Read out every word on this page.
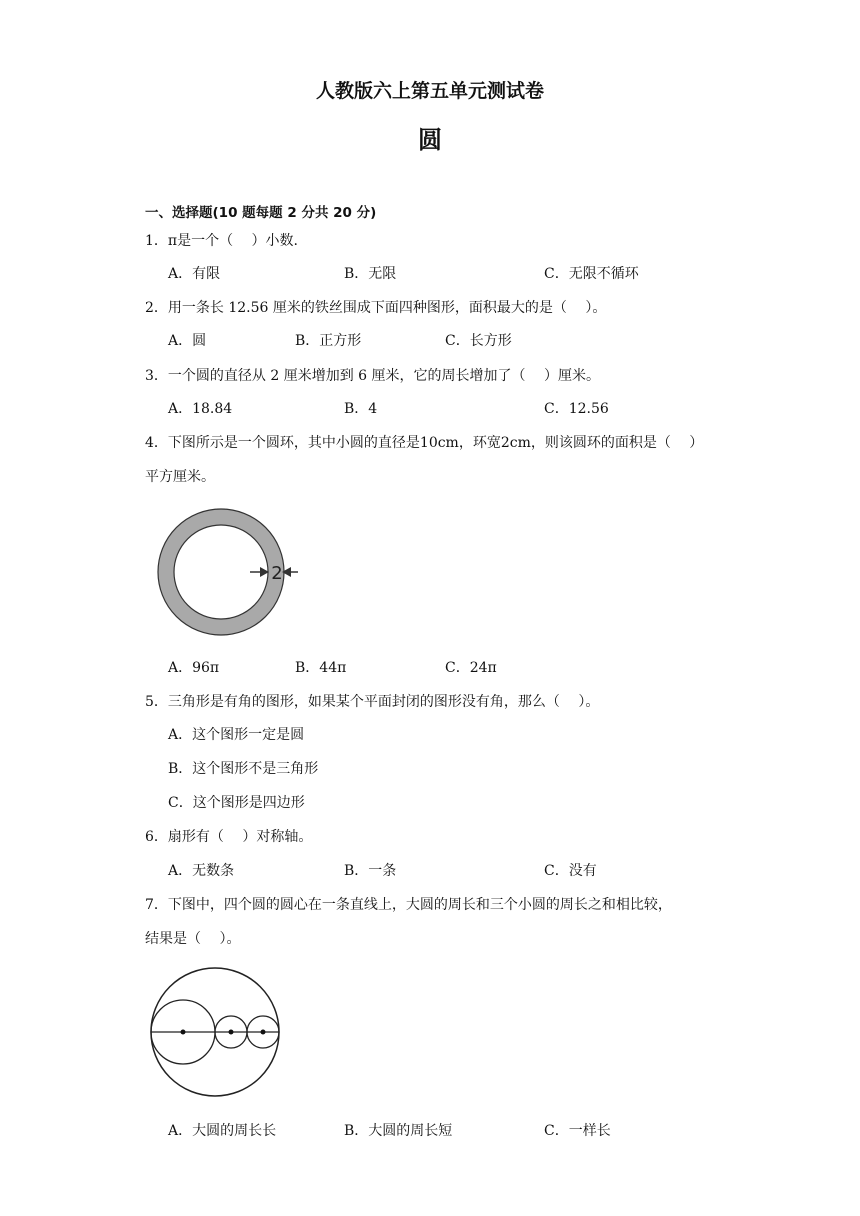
人教版六上第五单元测试卷
圆
一、选择题(10 题每题 2 分共 20 分)
1．π是一个（　 ）小数.
A．有限	B．无限	C．无限不循环
2．用一条长 12.56 厘米的铁丝围成下面四种图形，面积最大的是（　 ）。
A．圆	B．正方形	C．长方形
3．一个圆的直径从 2 厘米增加到 6 厘米，它的周长增加了（　 ）厘米。
A．18.84	B．4	C．12.56
4．下图所示是一个圆环，其中小圆的直径是10cm，环宽2cm，则该圆环的面积是（　 ）
平方厘米。
2
A．96π	B．44π	C．24π
5．三角形是有角的图形，如果某个平面封闭的图形没有角，那么（　 ）。
A．这个图形一定是圆
B．这个图形不是三角形
C．这个图形是四边形
6．扇形有（　 ）对称轴。
A．无数条	B．一条	C．没有
7．下图中，四个圆的圆心在一条直线上，大圆的周长和三个小圆的周长之和相比较，
结果是（　 ）。
A．大圆的周长长	B．大圆的周长短	C．一样长
